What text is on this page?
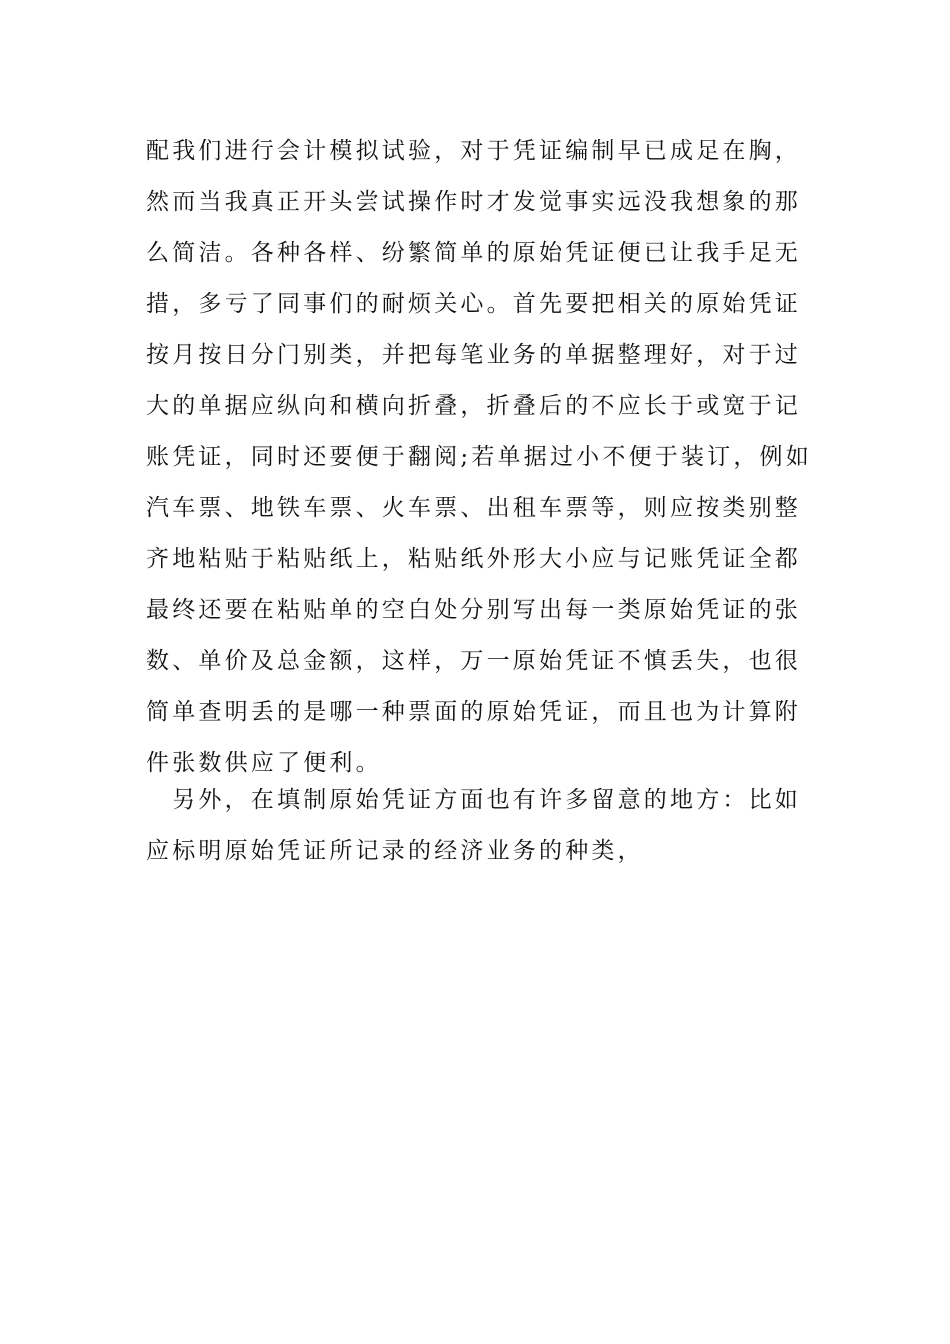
配我们进行会计模拟试验，对于凭证编制早已成足在胸，
然而当我真正开头尝试操作时才发觉事实远没我想象的那
么简洁。各种各样、纷繁简单的原始凭证便已让我手足无
措，多亏了同事们的耐烦关心。首先要把相关的原始凭证
按月按日分门别类，并把每笔业务的单据整理好，对于过
大的单据应纵向和横向折叠，折叠后的不应长于或宽于记
账凭证，同时还要便于翻阅;若单据过小不便于装订，例如
汽车票、地铁车票、火车票、出租车票等，则应按类别整
齐地粘贴于粘贴纸上，粘贴纸外形大小应与记账凭证全都
最终还要在粘贴单的空白处分别写出每一类原始凭证的张
数、单价及总金额，这样，万一原始凭证不慎丢失，也很
简单查明丢的是哪一种票面的原始凭证，而且也为计算附
件张数供应了便利。
　另外，在填制原始凭证方面也有许多留意的地方：比如
应标明原始凭证所记录的经济业务的种类，
